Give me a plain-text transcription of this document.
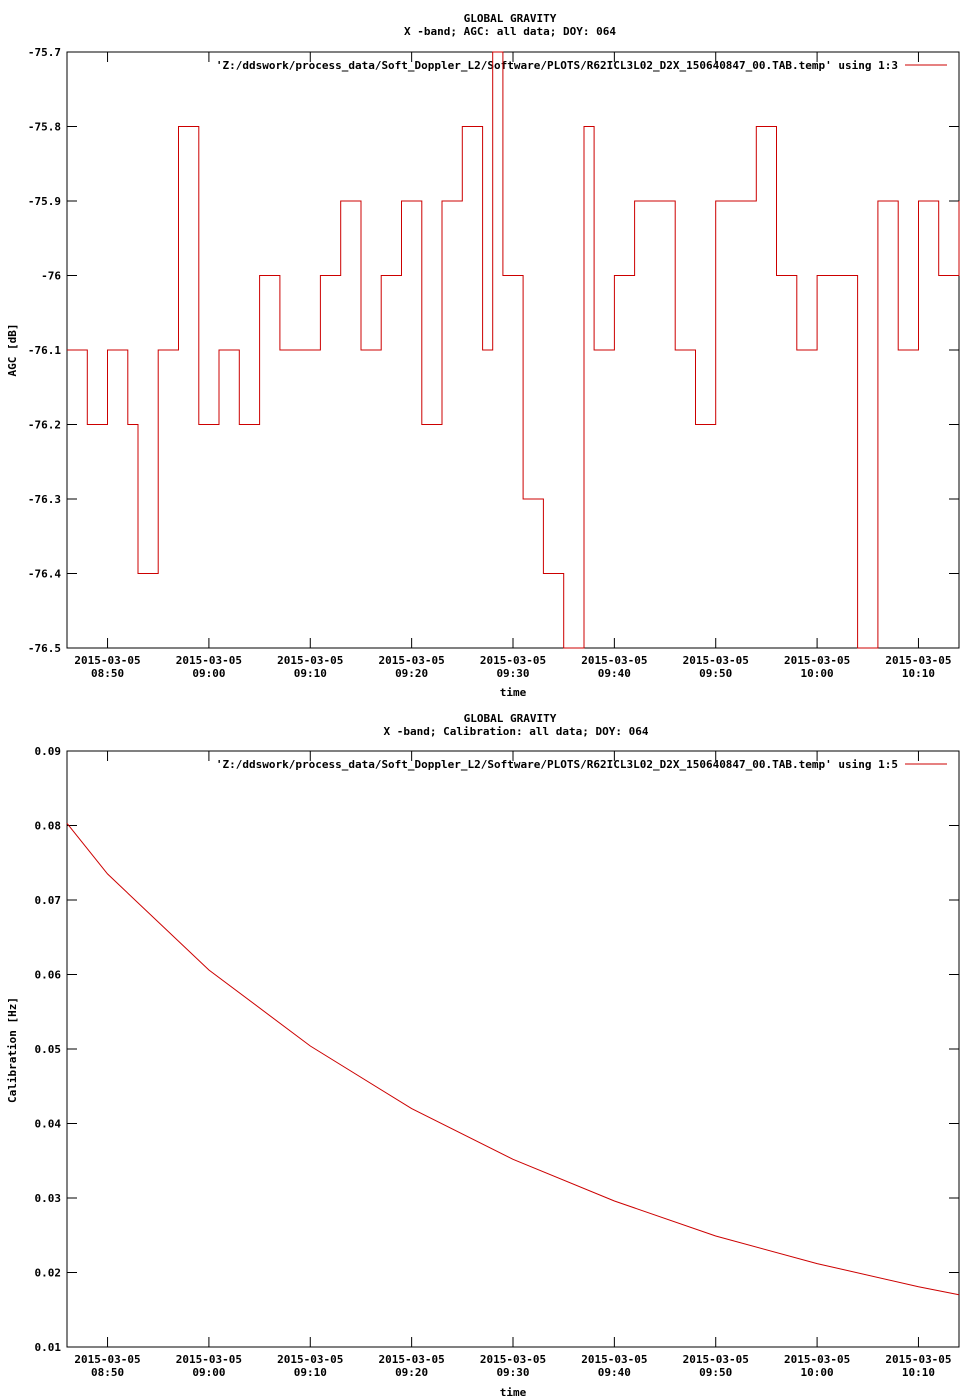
GLOBAL GRAVITY
X -band; AGC: all data; DOY: 064
-75.7
-75.8
-75.9
-76
-76.1
-76.2
-76.3
-76.4
-76.5
2015-03-05
08:50
2015-03-05
09:00
2015-03-05
09:10
2015-03-05
09:20
2015-03-05
09:30
2015-03-05
09:40
2015-03-05
09:50
2015-03-05
10:00
2015-03-05
10:10
AGC [dB]
time
'Z:/ddswork/process_data/Soft_Doppler_L2/Software/PLOTS/R62ICL3L02_D2X_150640847_00.TAB.temp' using 1:3
GLOBAL GRAVITY
X -band; Calibration: all data; DOY: 064
0.09
0.08
0.07
0.06
0.05
0.04
0.03
0.02
0.01
2015-03-05
08:50
2015-03-05
09:00
2015-03-05
09:10
2015-03-05
09:20
2015-03-05
09:30
2015-03-05
09:40
2015-03-05
09:50
2015-03-05
10:00
2015-03-05
10:10
Calibration [Hz]
time
'Z:/ddswork/process_data/Soft_Doppler_L2/Software/PLOTS/R62ICL3L02_D2X_150640847_00.TAB.temp' using 1:5
